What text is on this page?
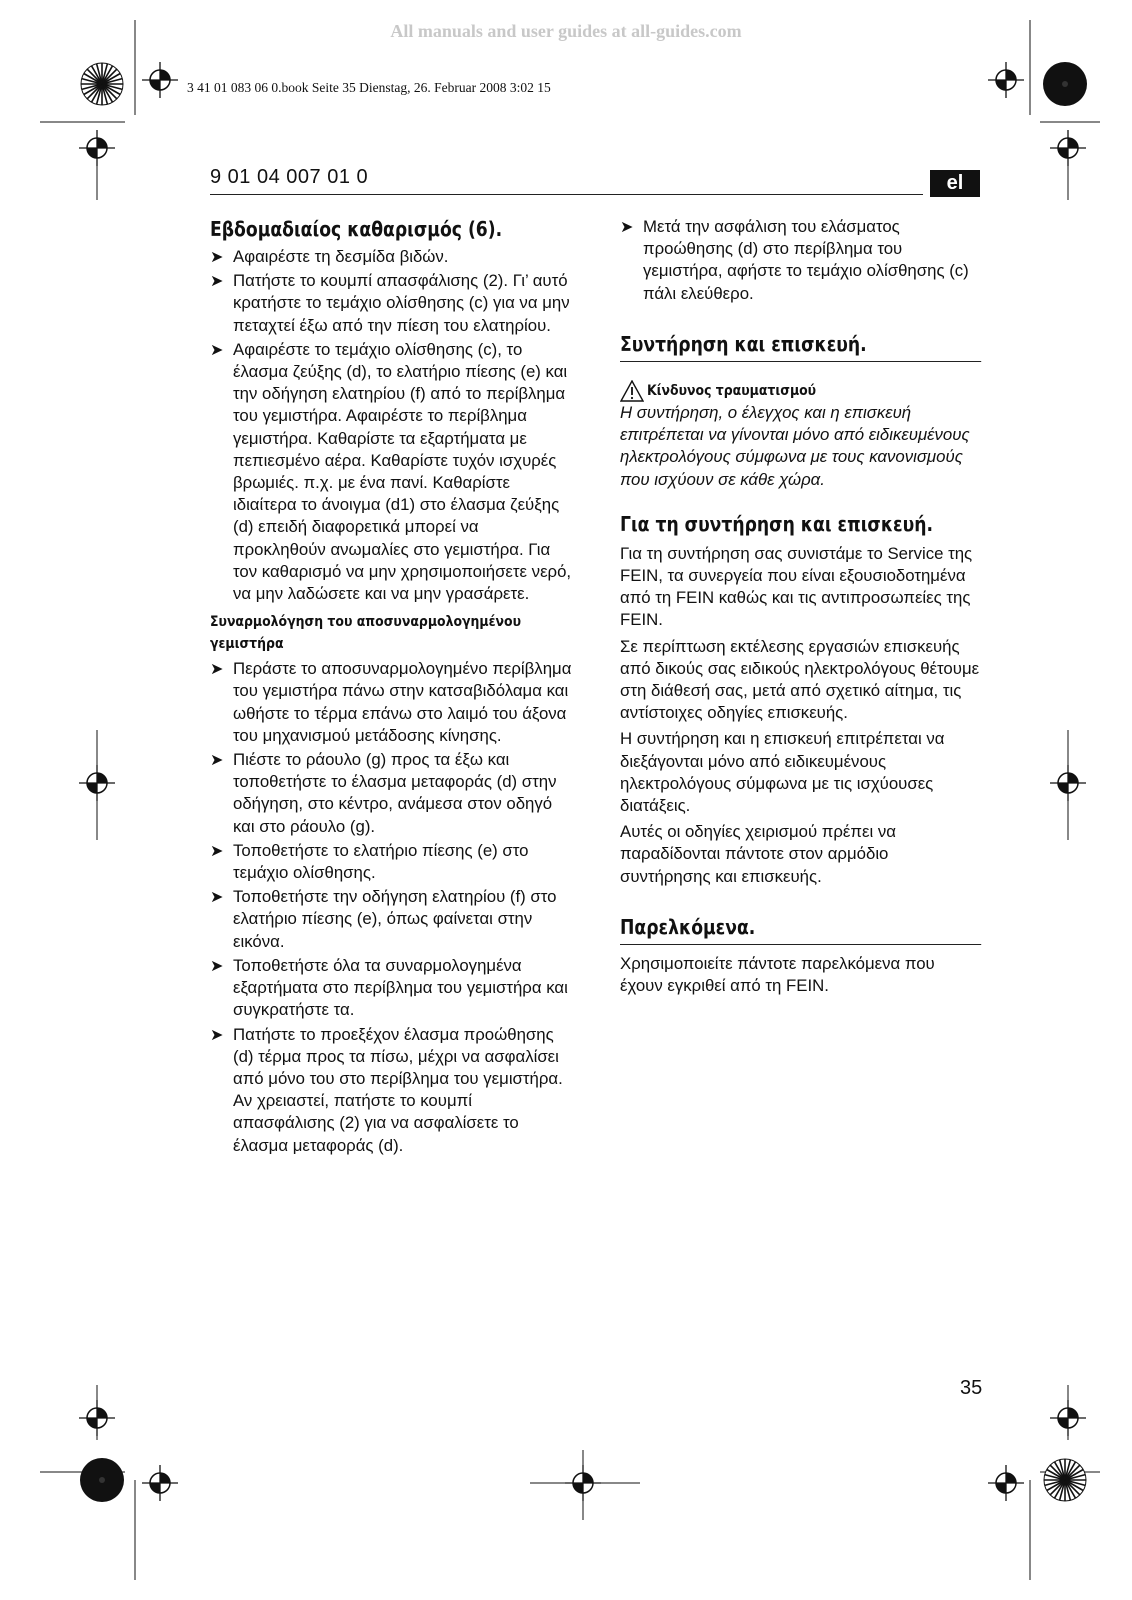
All manuals and user guides at all-guides.com
3 41 01 083 06 0.book Seite 35 Dienstag, 26. Februar 2008 3:02 15
9 01 04 007 01 0	el
35
Εβδομαδιαίος καθαρισμός (6).
➤ Αφαιρέστε τη δεσμίδα βιδών.
➤ Πατήστε το κουμπί απασφάλισης (2). Γι’ αυτό κρατήστε το τεμάχιο ολίσθησης (c) για να μην πεταχτεί έξω από την πίεση του ελατηρίου.
➤ Αφαιρέστε το τεμάχιο ολίσθησης (c), το έλασμα ζεύξης (d), το ελατήριο πίεσης (e) και την οδήγηση ελατηρίου (f) από το περίβλημα του γεμιστήρα. Αφαιρέστε το περίβλημα γεμιστήρα. Καθαρίστε τα εξαρτήματα με πεπιεσμένο αέρα. Καθαρίστε τυχόν ισχυρές βρωμιές. π.χ. με ένα πανί. Καθαρίστε ιδιαίτερα το άνοιγμα (d1) στο έλασμα ζεύξης (d) επειδή διαφορετικά μπορεί να προκληθούν ανωμαλίες στο γεμιστήρα. Για τον καθαρισμό να μην χρησιμοποιήσετε νερό, να μην λαδώσετε και να μην γρασάρετε.
Συναρμολόγηση του αποσυναρμολογημένου γεμιστήρα
➤ Περάστε το αποσυναρμολογημένο περίβλημα του γεμιστήρα πάνω στην κατσαβιδόλαμα και ωθήστε το τέρμα επάνω στο λαιμό του άξονα του μηχανισμού μετάδοσης κίνησης.
➤ Πιέστε το ράουλο (g) προς τα έξω και τοποθετήστε το έλασμα μεταφοράς (d) στην οδήγηση, στο κέντρο, ανάμεσα στον οδηγό και στο ράουλο (g).
➤ Τοποθετήστε το ελατήριο πίεσης (e) στο τεμάχιο ολίσθησης.
➤ Τοποθετήστε την οδήγηση ελατηρίου (f) στο ελατήριο πίεσης (e), όπως φαίνεται στην εικόνα.
➤ Τοποθετήστε όλα τα συναρμολογημένα εξαρτήματα στο περίβλημα του γεμιστήρα και συγκρατήστε τα.
➤ Πατήστε το προεξέχον έλασμα προώθησης (d) τέρμα προς τα πίσω, μέχρι να ασφαλίσει από μόνο του στο περίβλημα του γεμιστήρα. Αν χρειαστεί, πατήστε το κουμπί απασφάλισης (2) για να ασφαλίσετε το έλασμα μεταφοράς (d).
➤ Μετά την ασφάλιση του ελάσματος προώθησης (d) στο περίβλημα του γεμιστήρα, αφήστε το τεμάχιο ολίσθησης (c) πάλι ελεύθερο.
Συντήρηση και επισκευή.
Κίνδυνος τραυματισμού
Η συντήρηση, ο έλεγχος και η επισκευή επιτρέπεται να γίνονται μόνο από ειδικευμένους ηλεκτρολόγους σύμφωνα με τους κανονισμούς που ισχύουν σε κάθε χώρα.
Για τη συντήρηση και επισκευή.

Για τη συντήρηση σας συνιστάμε το Service της FEIN, τα συνεργεία που είναι εξουσιοδοτημένα από τη FEIN καθώς και τις αντιπροσωπείες της FEIN.

Σε περίπτωση εκτέλεσης εργασιών επισκευής από δικούς σας ειδικούς ηλεκτρολόγους θέτουμε στη διάθεσή σας, μετά από σχετικό αίτημα, τις αντίστοιχες οδηγίες επισκευής.

Η συντήρηση και η επισκευή επιτρέπεται να διεξάγονται μόνο από ειδικευμένους ηλεκτρολόγους σύμφωνα με τις ισχύουσες διατάξεις.

Αυτές οι οδηγίες χειρισμού πρέπει να παραδίδονται πάντοτε στον αρμόδιο συντήρησης και επισκευής.

Παρελκόμενα.

Χρησιμοποιείτε πάντοτε παρελκόμενα που έχουν εγκριθεί από τη FEIN.
